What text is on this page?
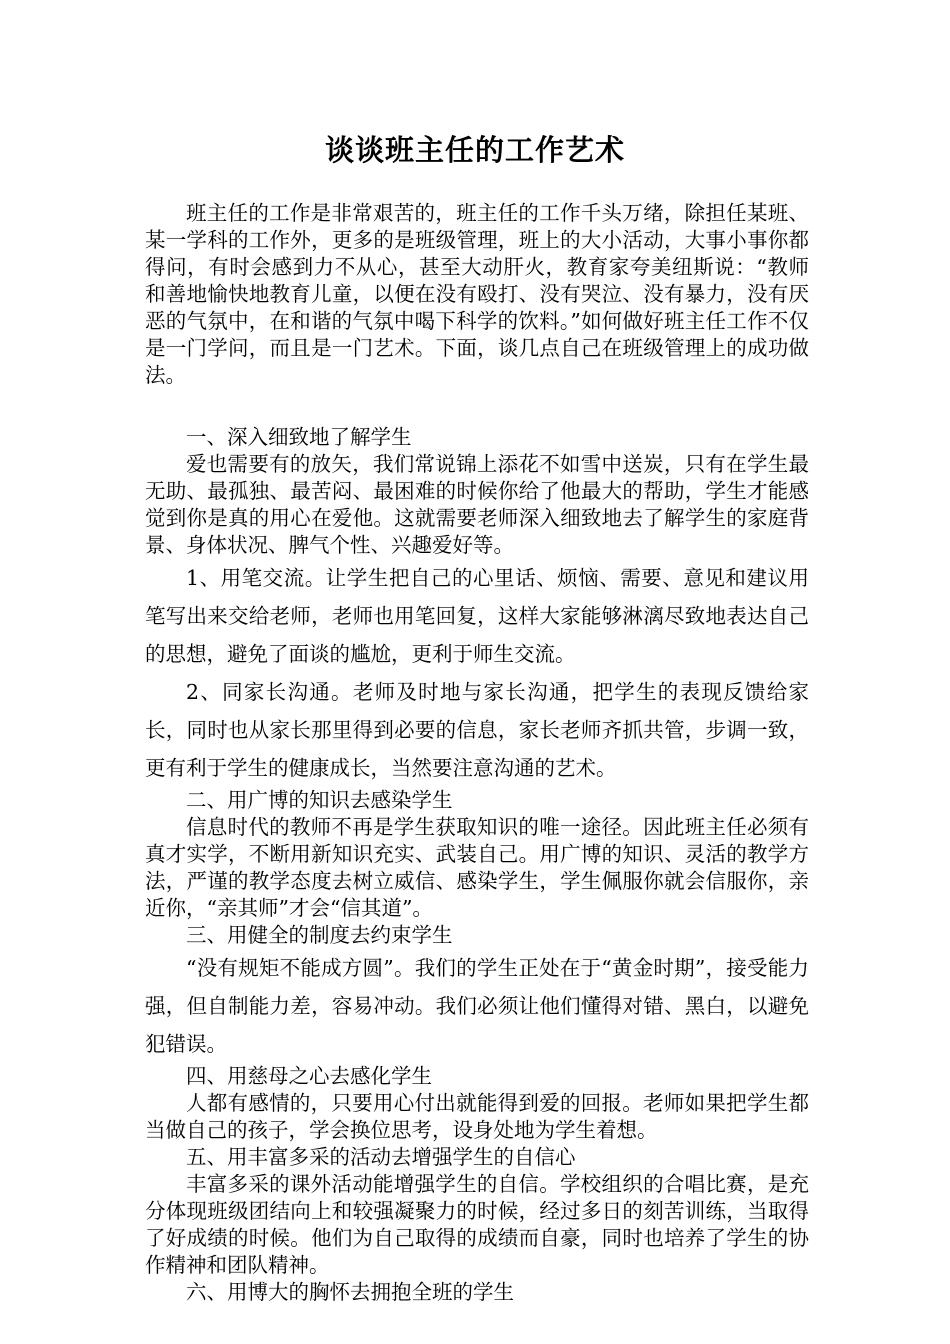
谈谈班主任的工作艺术

班主任的工作是非常艰苦的，班主任的工作千头万绪，除担任某班、某一学科的工作外，更多的是班级管理，班上的大小活动，大事小事你都得问，有时会感到力不从心，甚至大动肝火，教育家夸美纽斯说：“教师和善地愉快地教育儿童，以便在没有殴打、没有哭泣、没有暴力，没有厌恶的气氛中，在和谐的气氛中喝下科学的饮料。”如何做好班主任工作不仅是一门学问，而且是一门艺术。下面，谈几点自己在班级管理上的成功做法。

一、深入细致地了解学生

爱也需要有的放矢，我们常说锦上添花不如雪中送炭，只有在学生最无助、最孤独、最苦闷、最困难的时候你给了他最大的帮助，学生才能感觉到你是真的用心在爱他。这就需要老师深入细致地去了解学生的家庭背景、身体状况、脾气个性、兴趣爱好等。

1、用笔交流。让学生把自己的心里话、烦恼、需要、意见和建议用笔写出来交给老师，老师也用笔回复，这样大家能够淋漓尽致地表达自己的思想，避免了面谈的尴尬，更利于师生交流。

2、同家长沟通。老师及时地与家长沟通，把学生的表现反馈给家长，同时也从家长那里得到必要的信息，家长老师齐抓共管，步调一致，更有利于学生的健康成长，当然要注意沟通的艺术。

二、用广博的知识去感染学生

信息时代的教师不再是学生获取知识的唯一途径。因此班主任必须有真才实学，不断用新知识充实、武装自己。用广博的知识、灵活的教学方法，严谨的教学态度去树立威信、感染学生，学生佩服你就会信服你，亲近你，“亲其师”才会“信其道”。

三、用健全的制度去约束学生

“没有规矩不能成方圆”。我们的学生正处在于“黄金时期”，接受能力强，但自制能力差，容易冲动。我们必须让他们懂得对错、黑白，以避免犯错误。

四、用慈母之心去感化学生

人都有感情的，只要用心付出就能得到爱的回报。老师如果把学生都当做自己的孩子，学会换位思考，设身处地为学生着想。

五、用丰富多采的活动去增强学生的自信心

丰富多采的课外活动能增强学生的自信。学校组织的合唱比赛，是充分体现班级团结向上和较强凝聚力的时候，经过多日的刻苦训练，当取得了好成绩的时候。他们为自己取得的成绩而自豪，同时也培养了学生的协作精神和团队精神。

六、用博大的胸怀去拥抱全班的学生
